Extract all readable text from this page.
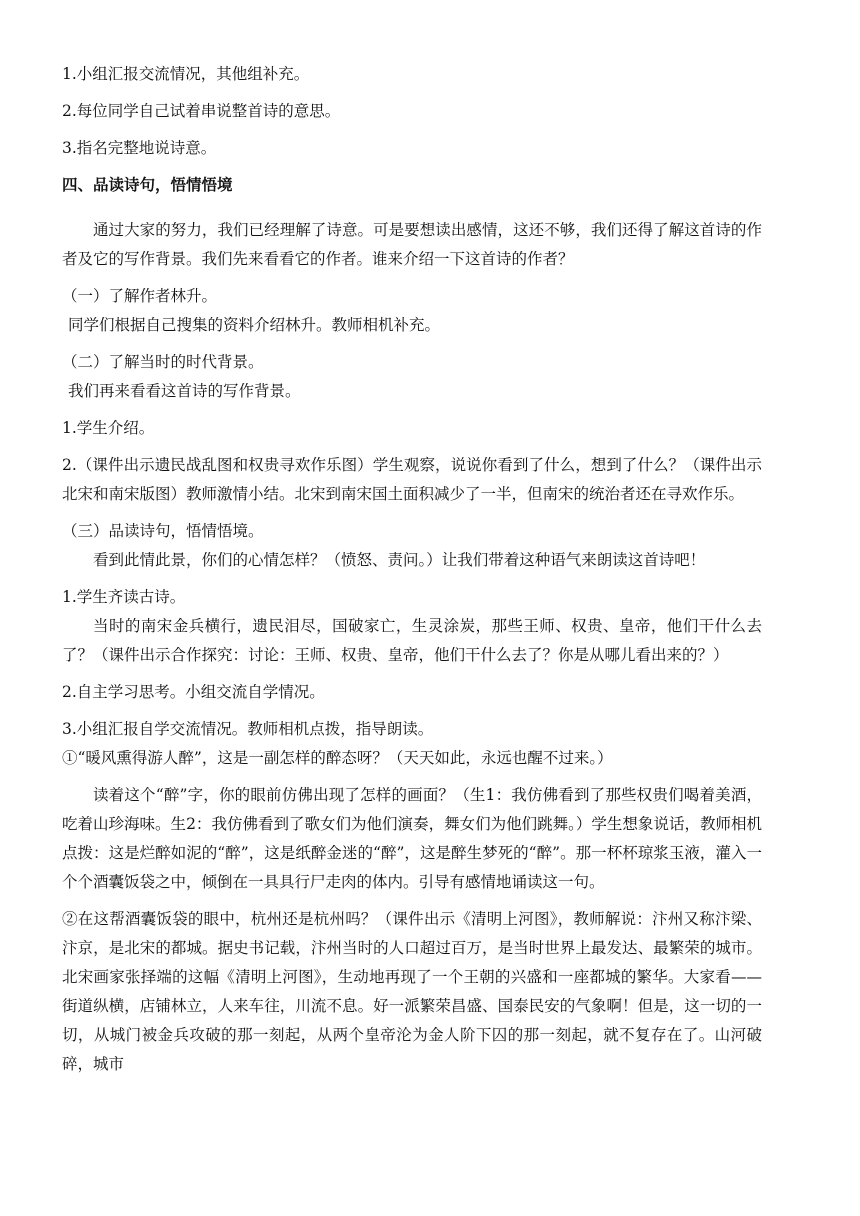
1.小组汇报交流情况，其他组补充。

2.每位同学自己试着串说整首诗的意思。

3.指名完整地说诗意。

四、品读诗句，悟情悟境

通过大家的努力，我们已经理解了诗意。可是要想读出感情，这还不够，我们还得了解这首诗的作者及它的写作背景。我们先来看看它的作者。谁来介绍一下这首诗的作者？

（一）了解作者林升。

同学们根据自己搜集的资料介绍林升。教师相机补充。

（二）了解当时的时代背景。

我们再来看看这首诗的写作背景。

1.学生介绍。

2.（课件出示遗民战乱图和权贵寻欢作乐图）学生观察，说说你看到了什么，想到了什么？（课件出示北宋和南宋版图）教师激情小结。北宋到南宋国土面积减少了一半，但南宋的统治者还在寻欢作乐。

（三）品读诗句，悟情悟境。

看到此情此景，你们的心情怎样？（愤怒、责问。）让我们带着这种语气来朗读这首诗吧！

1.学生齐读古诗。

当时的南宋金兵横行，遗民泪尽，国破家亡，生灵涂炭，那些王师、权贵、皇帝，他们干什么去了？（课件出示合作探究：讨论：王师、权贵、皇帝，他们干什么去了？你是从哪儿看出来的？）

2.自主学习思考。小组交流自学情况。

3.小组汇报自学交流情况。教师相机点拨，指导朗读。

①“暖风熏得游人醉”，这是一副怎样的醉态呀？（天天如此，永远也醒不过来。）

读着这个“醉”字，你的眼前仿佛出现了怎样的画面？（生1：我仿佛看到了那些权贵们喝着美酒，吃着山珍海味。生2：我仿佛看到了歌女们为他们演奏，舞女们为他们跳舞。）学生想象说话，教师相机点拨：这是烂醉如泥的“醉”，这是纸醉金迷的“醉”，这是醉生梦死的“醉”。那一杯杯琼浆玉液，灌入一个个酒囊饭袋之中，倾倒在一具具行尸走肉的体内。引导有感情地诵读这一句。

②在这帮酒囊饭袋的眼中，杭州还是杭州吗？（课件出示《清明上河图》，教师解说：汴州又称汴梁、汴京，是北宋的都城。据史书记载，汴州当时的人口超过百万，是当时世界上最发达、最繁荣的城市。北宋画家张择端的这幅《清明上河图》，生动地再现了一个王朝的兴盛和一座都城的繁华。大家看——街道纵横，店铺林立，人来车往，川流不息。好一派繁荣昌盛、国泰民安的气象啊！但是，这一切的一切，从城门被金兵攻破的那一刻起，从两个皇帝沦为金人阶下囚的那一刻起，就不复存在了。山河破碎，城市
